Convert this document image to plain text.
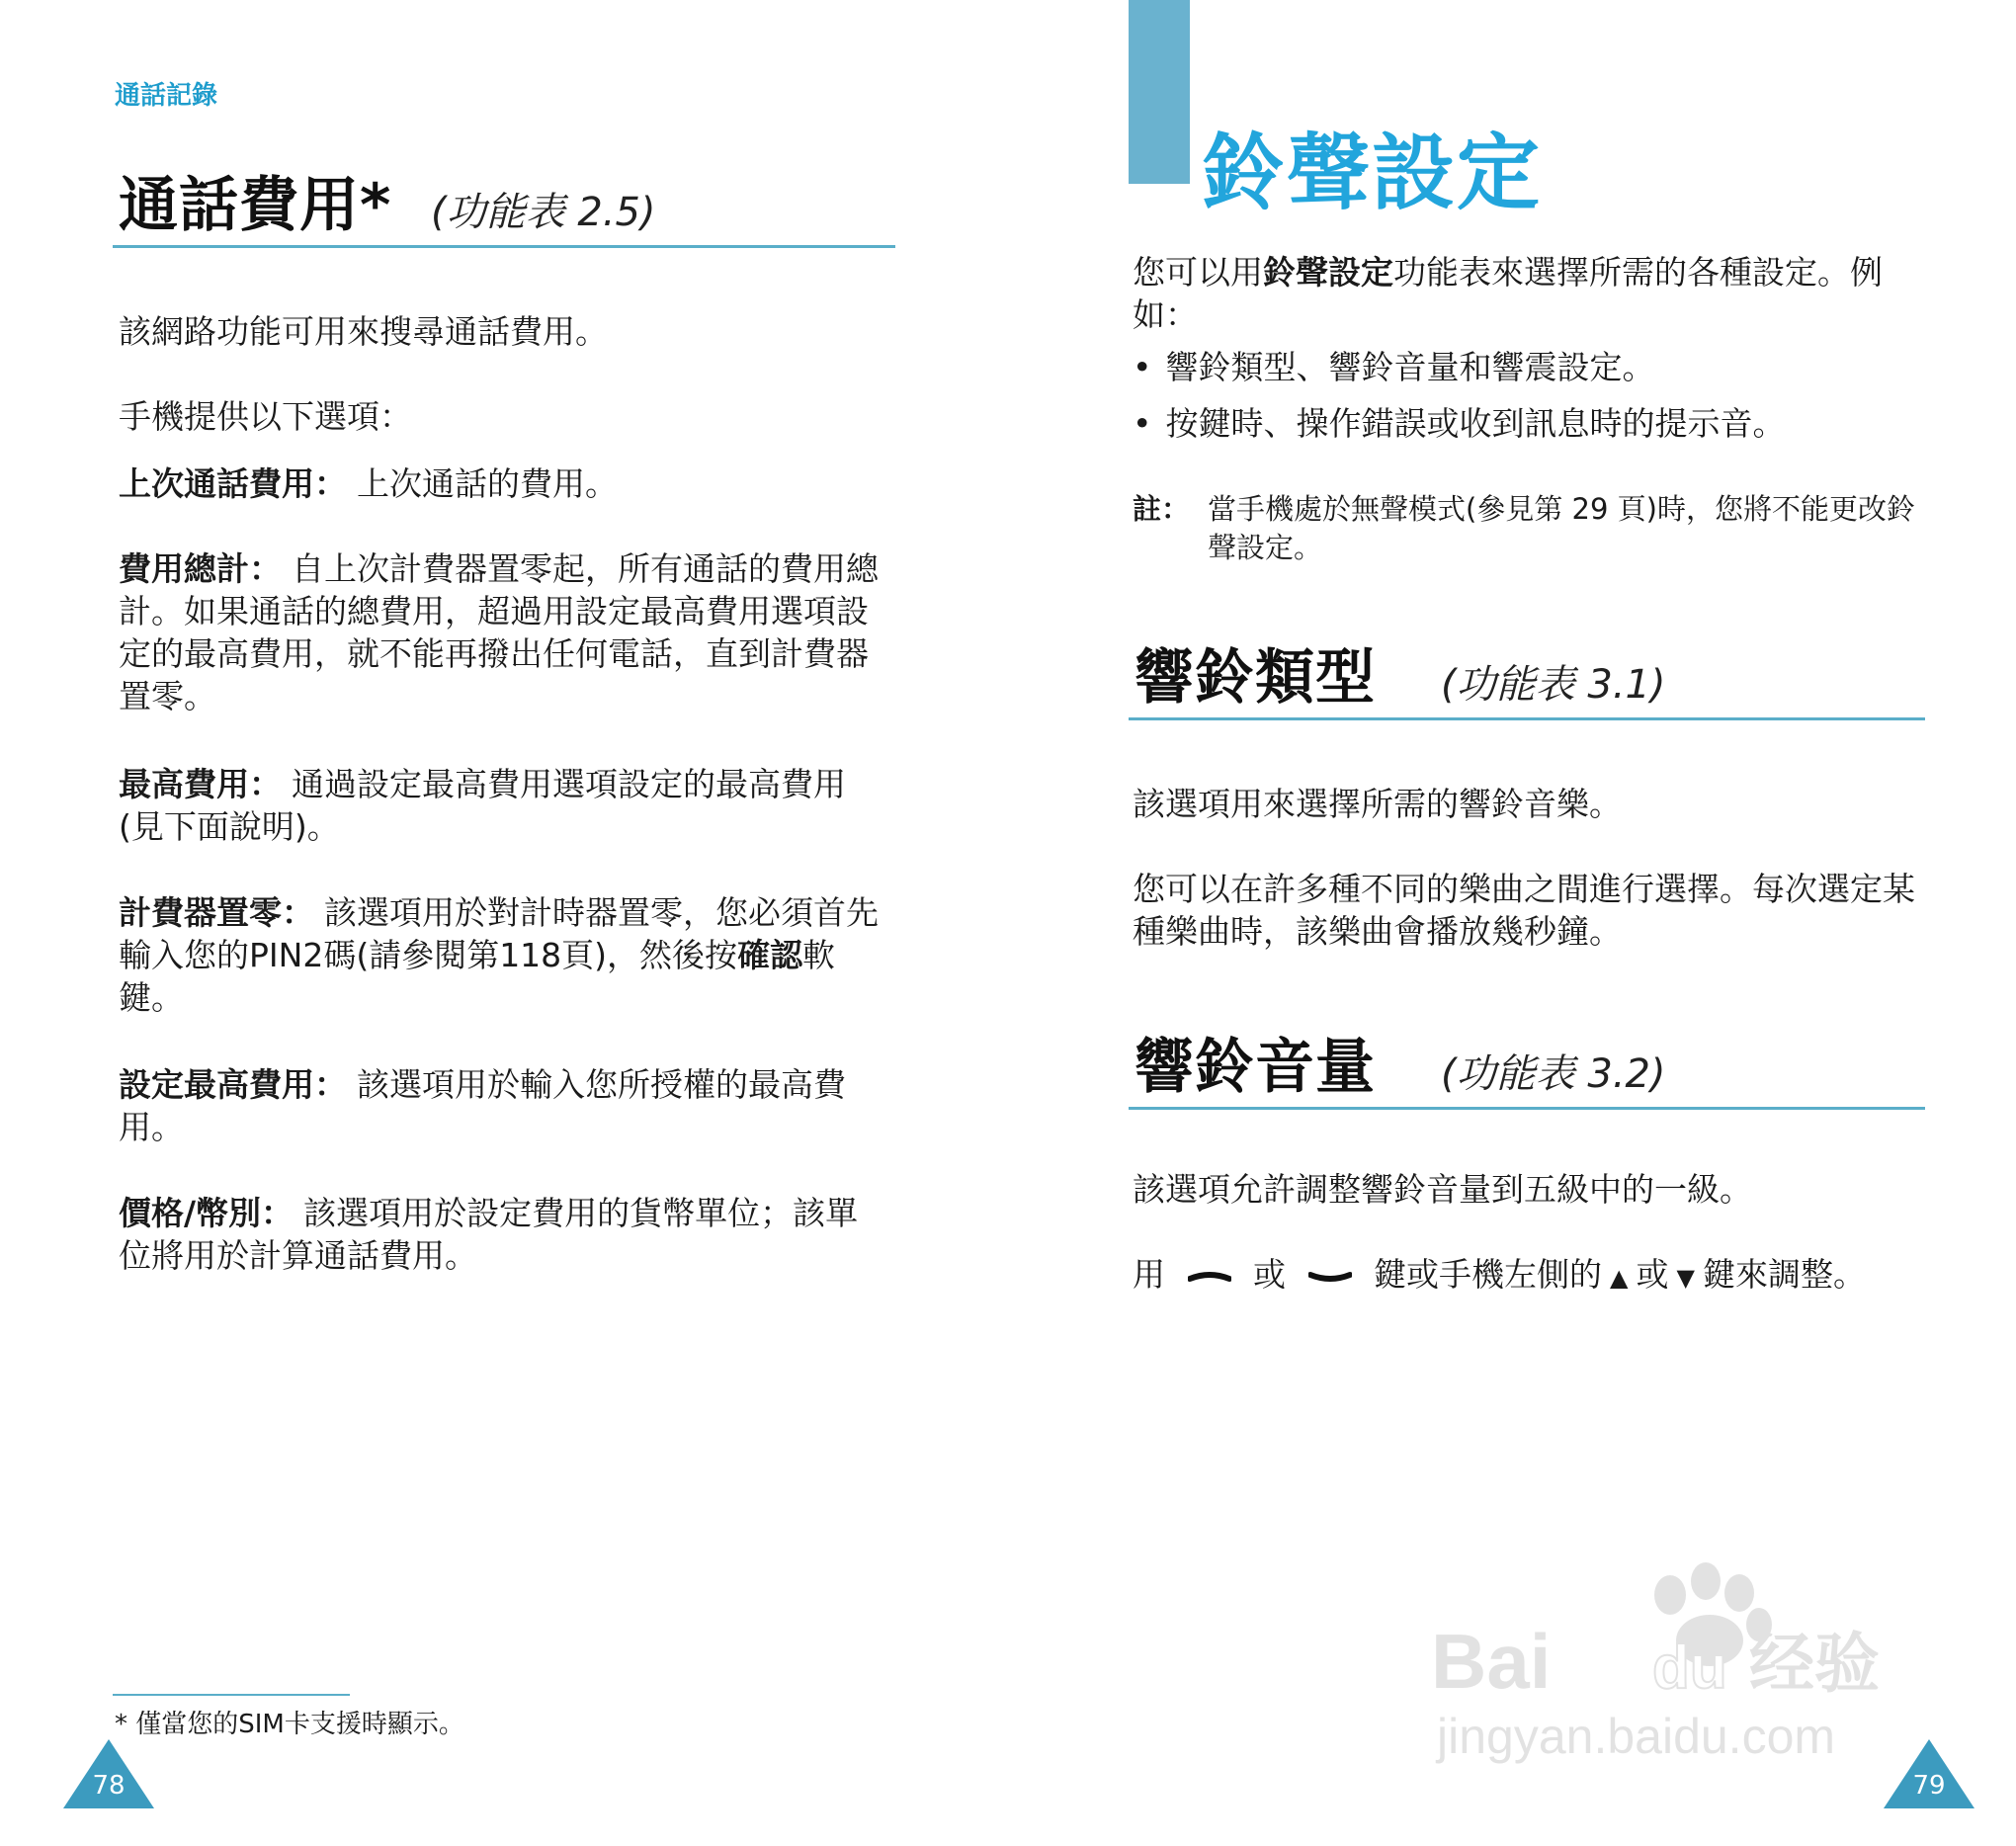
通話記錄
通話費用* (功能表 2.5)
該網路功能可用來搜尋通話費用。
手機提供以下選項：
上次通話費用： 上次通話的費用。
費用總計： 自上次計費器置零起，所有通話的費用總計。如果通話的總費用，超過用設定最高費用選項設定的最高費用，就不能再撥出任何電話，直到計費器置零。
最高費用： 通過設定最高費用選項設定的最高費用(見下面說明)。
計費器置零： 該選項用於對計時器置零，您必須首先輸入您的PIN2碼(請參閱第118頁)，然後按確認軟鍵。
設定最高費用： 該選項用於輸入您所授權的最高費用。
價格/幣別： 該選項用於設定費用的貨幣單位；該單位將用於計算通話費用。
* 僅當您的SIM卡支援時顯示。
78
鈴聲設定
您可以用鈴聲設定功能表來選擇所需的各種設定。例如：
• 響鈴類型、響鈴音量和響震設定。
• 按鍵時、操作錯誤或收到訊息時的提示音。
註： 當手機處於無聲模式(參見第 29 頁)時，您將不能更改鈴聲設定。
響鈴類型 (功能表 3.1)
該選項用來選擇所需的響鈴音樂。
您可以在許多種不同的樂曲之間進行選擇。每次選定某種樂曲時，該樂曲會播放幾秒鐘。
響鈴音量 (功能表 3.2)
該選項允許調整響鈴音量到五級中的一級。
用	或	鍵或手機左側的 ▲ 或 ▼ 鍵來調整。
79
Bai du 经验
jingyan.baidu.com
